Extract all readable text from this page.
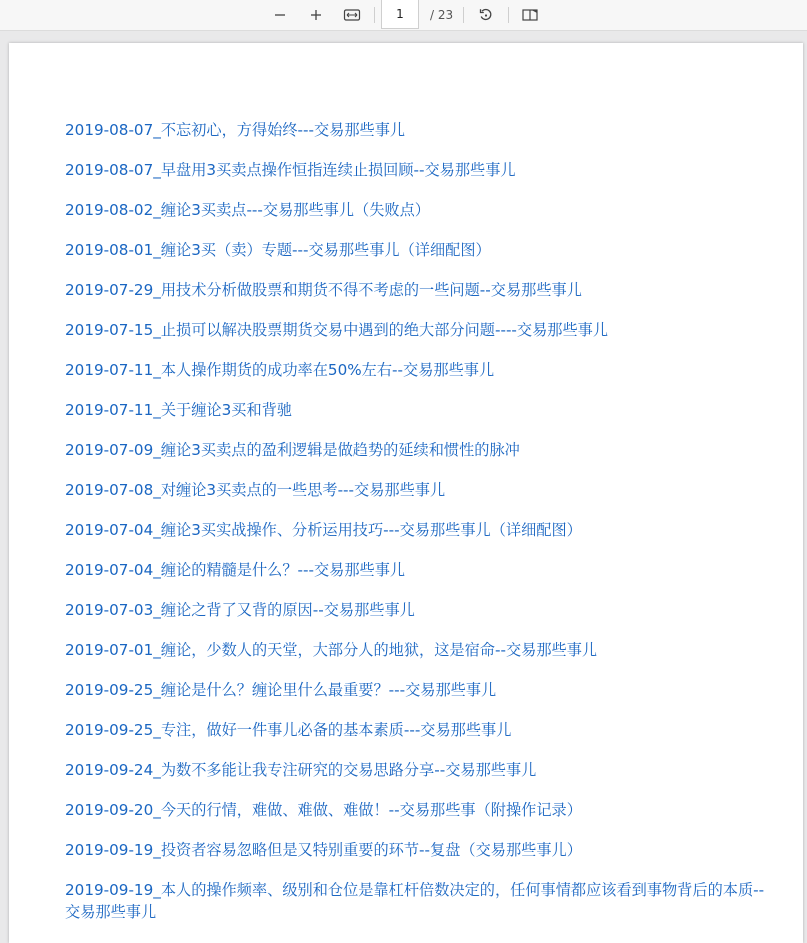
1
/ 23
2019-08-07_不忘初心，方得始终---交易那些事儿
2019-08-07_早盘用3买卖点操作恒指连续止损回顾--交易那些事儿
2019-08-02_缠论3买卖点---交易那些事儿（失败点）
2019-08-01_缠论3买（卖）专题---交易那些事儿（详细配图）
2019-07-29_用技术分析做股票和期货不得不考虑的一些问题--交易那些事儿
2019-07-15_止损可以解决股票期货交易中遇到的绝大部分问题----交易那些事儿
2019-07-11_本人操作期货的成功率在50%左右--交易那些事儿
2019-07-11_关于缠论3买和背驰
2019-07-09_缠论3买卖点的盈利逻辑是做趋势的延续和惯性的脉冲
2019-07-08_对缠论3买卖点的一些思考---交易那些事儿
2019-07-04_缠论3买实战操作、分析运用技巧---交易那些事儿（详细配图）
2019-07-04_缠论的精髓是什么？---交易那些事儿
2019-07-03_缠论之背了又背的原因--交易那些事儿
2019-07-01_缠论，少数人的天堂，大部分人的地狱，这是宿命--交易那些事儿
2019-09-25_缠论是什么？缠论里什么最重要？---交易那些事儿
2019-09-25_专注，做好一件事儿必备的基本素质---交易那些事儿
2019-09-24_为数不多能让我专注研究的交易思路分享--交易那些事儿
2019-09-20_今天的行情，难做、难做、难做！--交易那些事（附操作记录）
2019-09-19_投资者容易忽略但是又特别重要的环节--复盘（交易那些事儿）
2019-09-19_本人的操作频率、级别和仓位是靠杠杆倍数决定的，任何事情都应该看到事物背后的本质--交易那些事儿
